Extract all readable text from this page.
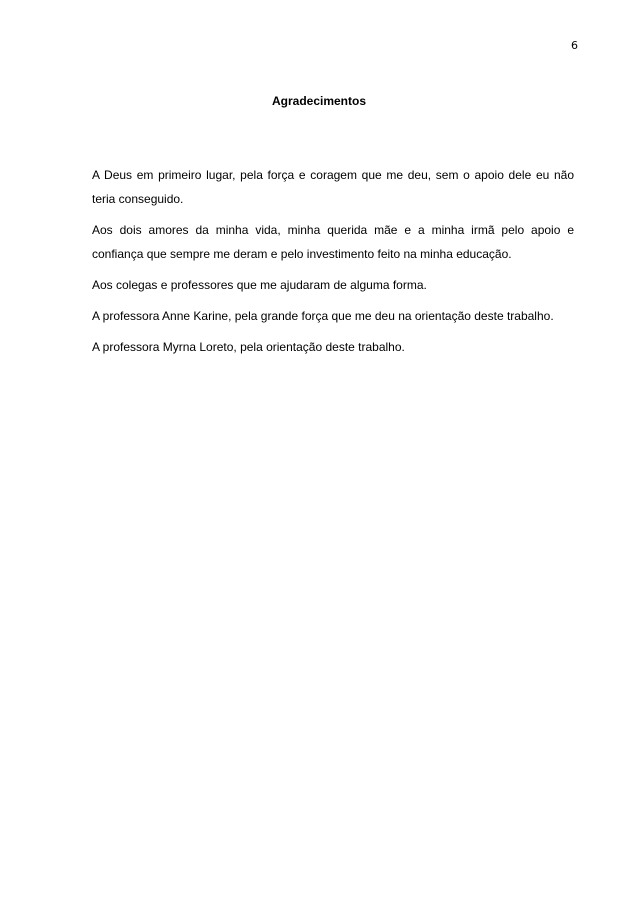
6
Agradecimentos

A Deus em primeiro lugar, pela força e coragem que me deu, sem o apoio dele eu não teria conseguido.

Aos dois amores da minha vida, minha querida mãe e a minha irmã pelo apoio e confiança que sempre me deram e pelo investimento feito na minha educação.

Aos colegas e professores que me ajudaram de alguma forma.

A professora Anne Karine, pela grande força que me deu na orientação deste trabalho.

A professora Myrna Loreto, pela orientação deste trabalho.
